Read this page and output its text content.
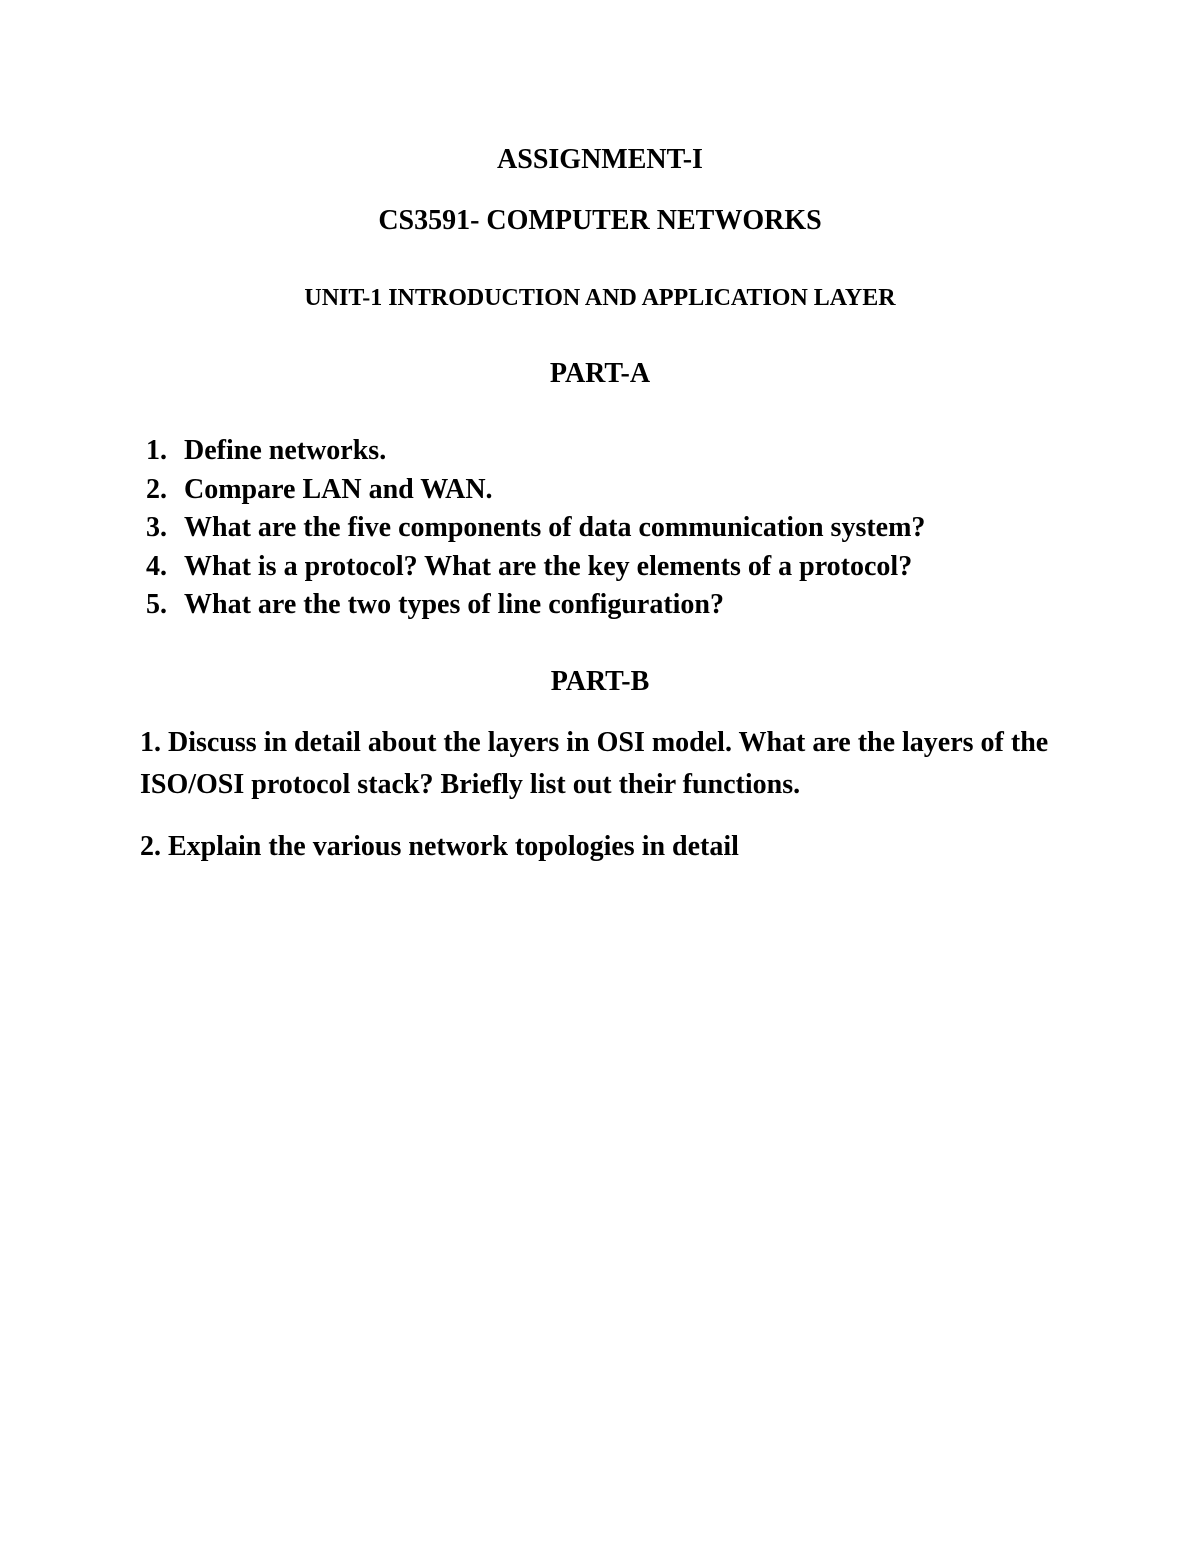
ASSIGNMENT-I
CS3591- COMPUTER NETWORKS
UNIT-1 INTRODUCTION AND APPLICATION LAYER
PART-A
1. Define networks.
2. Compare LAN and WAN.
3. What are the five components of data communication system?
4. What is a protocol? What are the key elements of a protocol?
5. What are the two types of line configuration?
PART-B
1. Discuss in detail about the layers in OSI model. What are the layers of the ISO/OSI protocol stack? Briefly list out their functions.
2. Explain the various network topologies in detail
